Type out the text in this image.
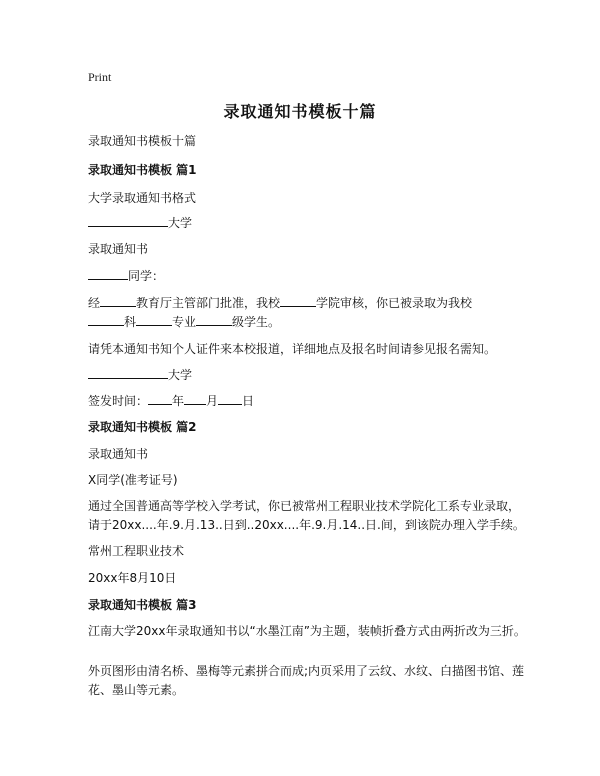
Print
录取通知书模板十篇
录取通知书模板十篇
录取通知书模板 篇1
大学录取通知书格式
大学
录取通知书
同学：
经	教育厅主管部门批准，我校	学院审核，你已被录取为我校
科	专业	级学生。
请凭本通知书知个人证件来本校报道，详细地点及报名时间请参见报名需知。
大学
签发时间： 年 月 日
录取通知书模板 篇2
录取通知书
X同学(准考证号)
通过全国普通高等学校入学考试，你已被常州工程职业技术学院化工系专业录取，请于20xx....年.9.月.13..日到..20xx....年.9.月.14..日.间，到该院办理入学手续。
常州工程职业技术
20xx年8月10日
录取通知书模板 篇3
江南大学20xx年录取通知书以“水墨江南”为主题，装帧折叠方式由两折改为三折。
外页图形由清名桥、墨梅等元素拼合而成;内页采用了云纹、水纹、白描图书馆、莲花、墨山等元素。
